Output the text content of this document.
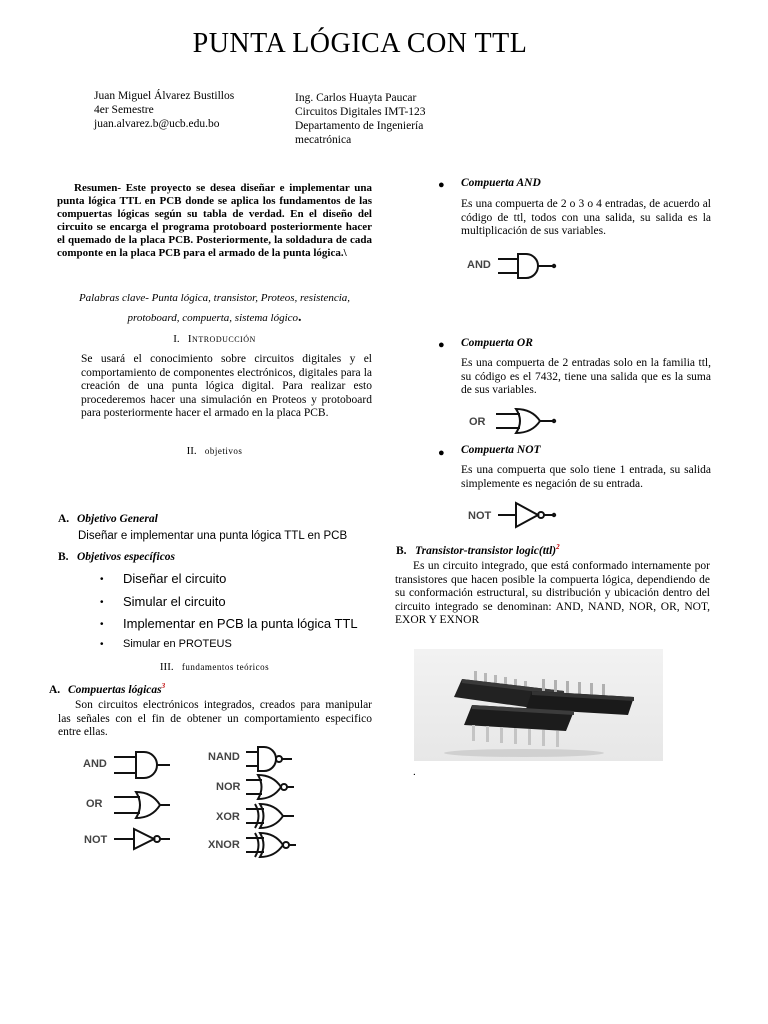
PUNTA LÓGICA CON TTL
Juan Miguel Álvarez Bustillos
4er Semestre
juan.alvarez.b@ucb.edu.bo
Ing. Carlos Huayta Paucar
Circuitos Digitales IMT-123
Departamento de Ingeniería
mecatrónica
Resumen- Este proyecto se desea diseñar e implementar una punta lógica TTL en PCB donde se aplica los fundamentos de las compuertas lógicas según su tabla de verdad. En el diseño del circuito se encarga el programa protoboard posteriormente hacer el quemado de la placa PCB. Posteriormente, la soldadura de cada componte en la placa PCB para el armado de la punta lógica.\
Palabras clave- Punta lógica, transistor, Proteos, resistencia, protoboard, compuerta, sistema lógico.
I. Introducción
Se usará el conocimiento sobre circuitos digitales y el comportamiento de componentes electrónicos, digitales para la creación de una punta lógica digital. Para realizar esto procederemos hacer una simulación en Proteos y protoboard para posteriormente hacer el armado en la placa PCB.
II. objetivos
A. Objetivo General
Diseñar e implementar una punta lógica TTL en PCB
B. Objetivos específicos
• Diseñar el circuito
• Simular el circuito
• Implementar en PCB la punta lógica TTL
• Simular en PROTEUS
III. fundamentos teóricos
A. Compuertas lógicas$^3$
Son circuitos electrónicos integrados, creados para manipular las señales con el fin de obtener un comportamiento especifico entre ellas.
AND
OR
NOT
NAND
NOR
XOR
XNOR
● Compuerta AND
Es una compuerta de 2 o 3 o 4 entradas, de acuerdo al código de ttl, todos con una salida, su salida es la multiplicación de sus variables.
AND
● Compuerta OR
Es una compuerta de 2 entradas solo en la familia ttl, su código es el 7432, tiene una salida que es la suma de sus variables.
OR
● Compuerta NOT
Es una compuerta que solo tiene 1 entrada, su salida simplemente es negación de su entrada.
NOT
B. Transistor-transistor logic(ttl)$^2$
Es un circuito integrado, que está conformado internamente por transistores que hacen posible la compuerta lógica, dependiendo de su conformación estructural, su distribución y ubicación dentro del circuito integrado se denominan: AND, NAND, NOR, OR, NOT, EXOR Y EXNOR
.
